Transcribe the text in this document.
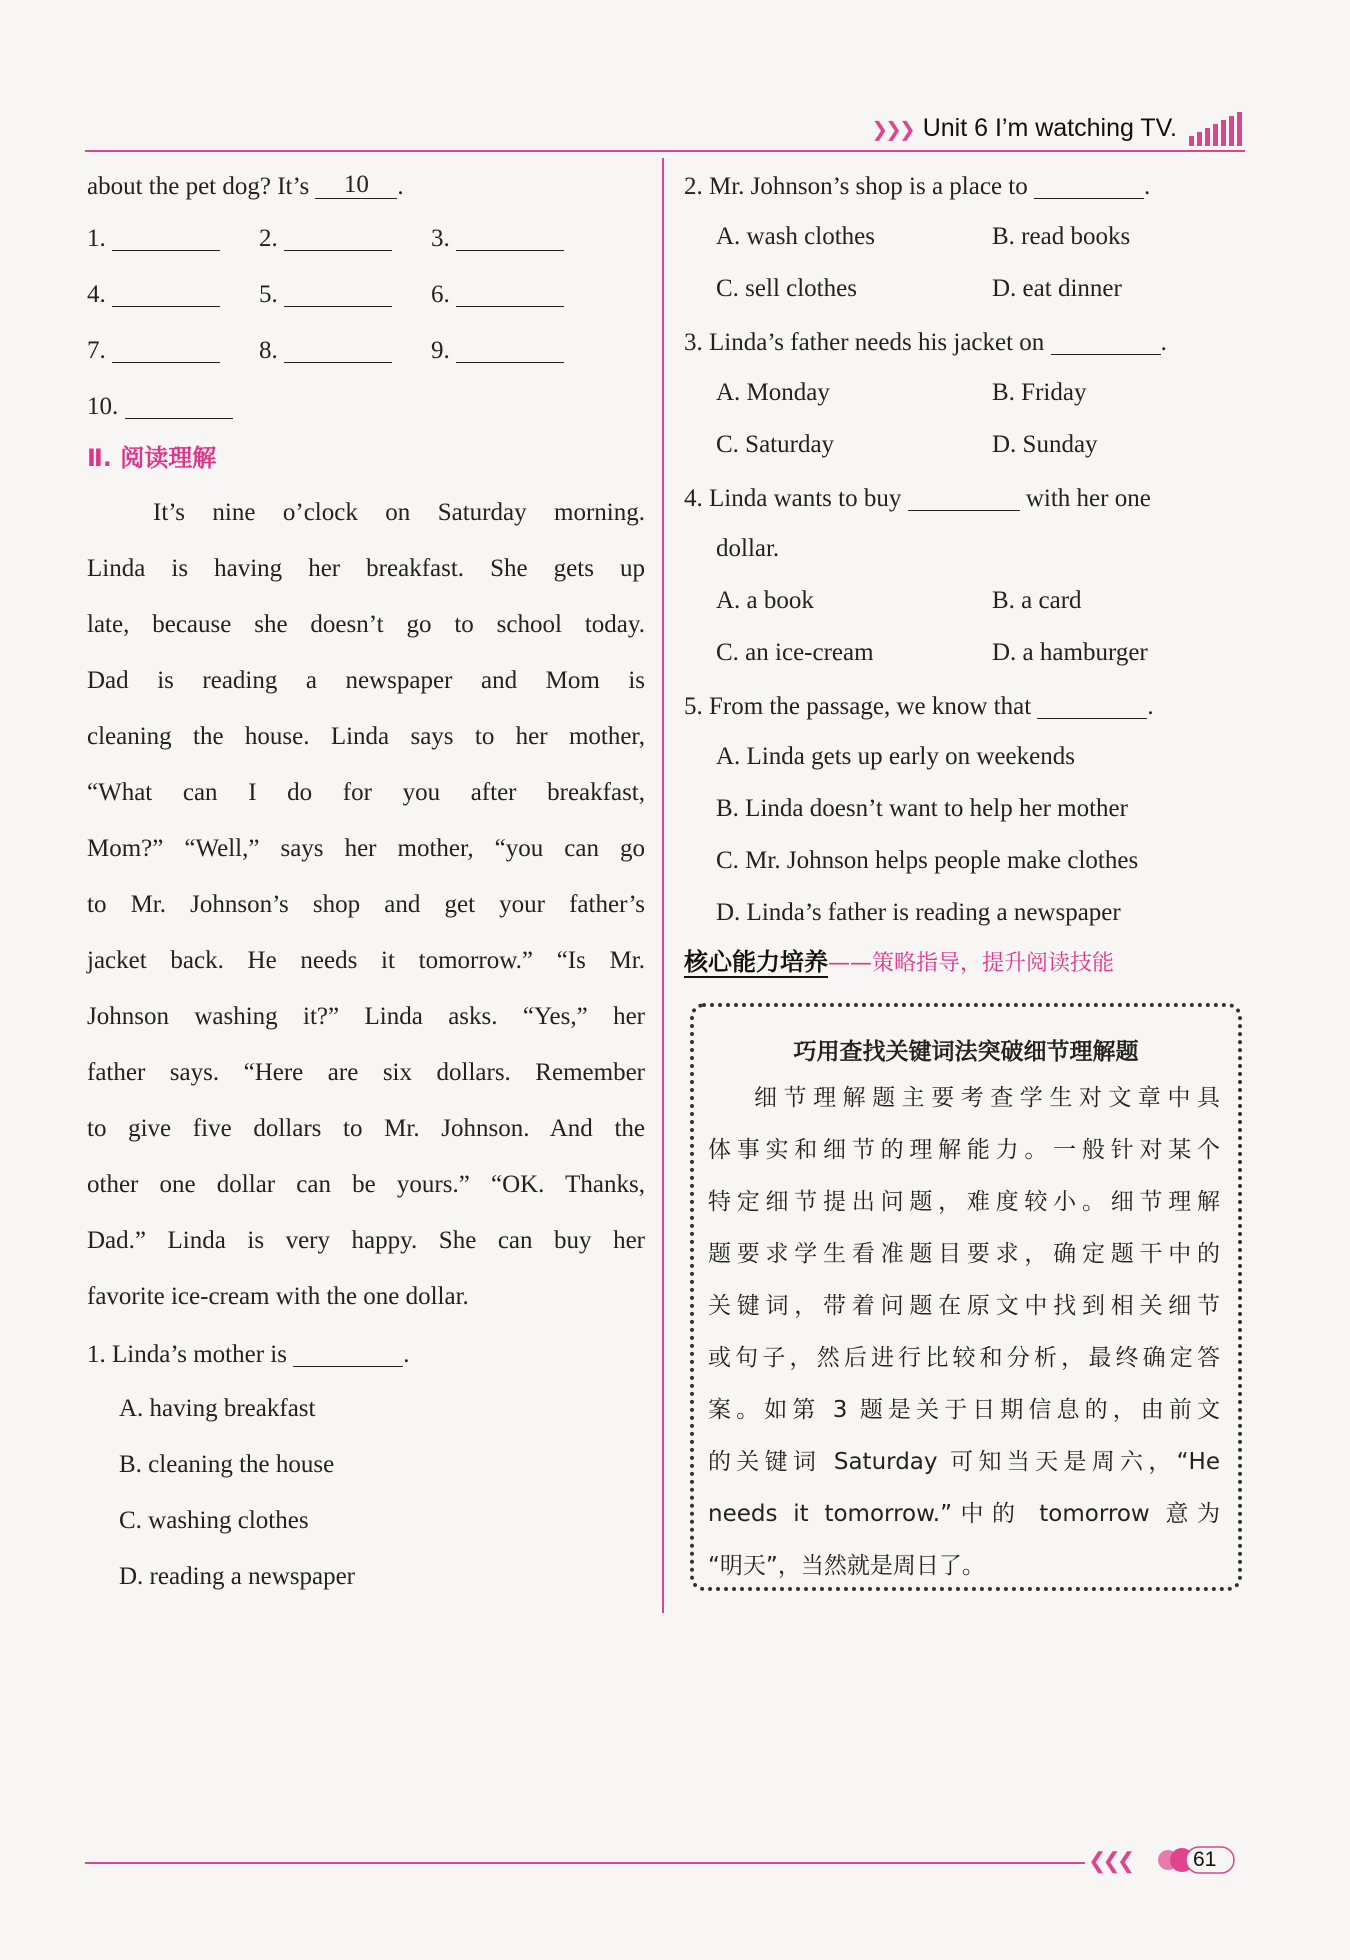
❯❯❯ Unit 6 I’m watching TV.
about the pet dog? It’s 10 .
1.	2.	3.
4.	5.	6.
7.	8.	9.
10.
Ⅱ. 阅读理解
It’s nine o’clock on Saturday morning.
Linda is having her breakfast. She gets up
late, because she doesn’t go to school today.
Dad is reading a newspaper and Mom is
cleaning the house. Linda says to her mother,
“What can I do for you after breakfast,
Mom?” “Well,” says her mother, “you can go
to Mr. Johnson’s shop and get your father’s
jacket back. He needs it tomorrow.” “Is Mr.
Johnson washing it?” Linda asks. “Yes,” her
father says. “Here are six dollars. Remember
to give five dollars to Mr. Johnson. And the
other one dollar can be yours.” “OK. Thanks,
Dad.” Linda is very happy. She can buy her
favorite ice-cream with the one dollar.
1. Linda’s mother is	.
A. having breakfast
B. cleaning the house
C. washing clothes
D. reading a newspaper
2. Mr. Johnson’s shop is a place to	.
A. wash clothes	B. read books
C. sell clothes	D. eat dinner
3. Linda’s father needs his jacket on	.
A. Monday	B. Friday
C. Saturday	D. Sunday
4. Linda wants to buy	with her one
dollar.
A. a book	B. a card
C. an ice-cream	D. a hamburger
5. From the passage, we know that	.
A. Linda gets up early on weekends
B. Linda doesn’t want to help her mother
C. Mr. Johnson helps people make clothes
D. Linda’s father is reading a newspaper
核心能力培养——策略指导，提升阅读技能
巧用查找关键词法突破细节理解题
细节理解题主要考查学生对文章中具
体事实和细节的理解能力。一般针对某个
特定细节提出问题，难度较小。细节理解
题要求学生看准题目要求，确定题干中的
关键词，带着问题在原文中找到相关细节
或句子，然后进行比较和分析，最终确定答
案。如第 3 题是关于日期信息的，由前文
的关键词 Saturday 可知当天是周六，“He
needs it tomorrow.”中的 tomorrow 意为
“明天”，当然就是周日了。
❮❮❮	61
